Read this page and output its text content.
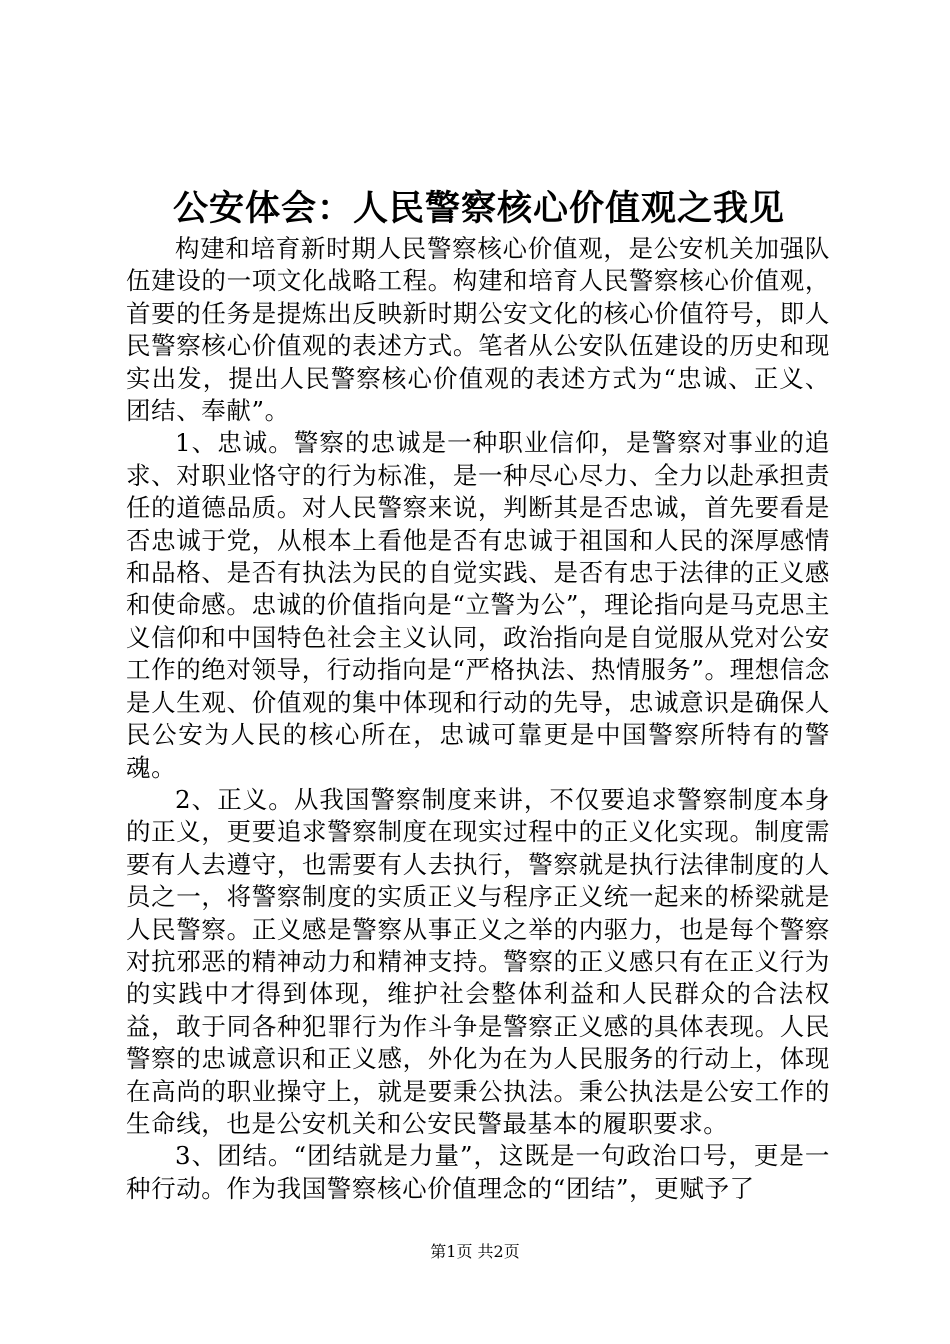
公安体会：人民警察核心价值观之我见

构建和培育新时期人民警察核心价值观，是公安机关加强队伍建设的一项文化战略工程。构建和培育人民警察核心价值观，首要的任务是提炼出反映新时期公安文化的核心价值符号，即人民警察核心价值观的表述方式。笔者从公安队伍建设的历史和现实出发，提出人民警察核心价值观的表述方式为“忠诚、正义、团结、奉献”。

1、忠诚。警察的忠诚是一种职业信仰，是警察对事业的追求、对职业恪守的行为标准，是一种尽心尽力、全力以赴承担责任的道德品质。对人民警察来说，判断其是否忠诚，首先要看是否忠诚于党，从根本上看他是否有忠诚于祖国和人民的深厚感情和品格、是否有执法为民的自觉实践、是否有忠于法律的正义感和使命感。忠诚的价值指向是“立警为公”，理论指向是马克思主义信仰和中国特色社会主义认同，政治指向是自觉服从党对公安工作的绝对领导，行动指向是“严格执法、热情服务”。理想信念是人生观、价值观的集中体现和行动的先导，忠诚意识是确保人民公安为人民的核心所在，忠诚可靠更是中国警察所特有的警魂。

2、正义。从我国警察制度来讲，不仅要追求警察制度本身的正义，更要追求警察制度在现实过程中的正义化实现。制度需要有人去遵守，也需要有人去执行，警察就是执行法律制度的人员之一，将警察制度的实质正义与程序正义统一起来的桥梁就是人民警察。正义感是警察从事正义之举的内驱力，也是每个警察对抗邪恶的精神动力和精神支持。警察的正义感只有在正义行为的实践中才得到体现，维护社会整体利益和人民群众的合法权益，敢于同各种犯罪行为作斗争是警察正义感的具体表现。人民警察的忠诚意识和正义感，外化为在为人民服务的行动上，体现在高尚的职业操守上，就是要秉公执法。秉公执法是公安工作的生命线，也是公安机关和公安民警最基本的履职要求。

3、团结。“团结就是力量”，这既是一句政治口号，更是一种行动。作为我国警察核心价值理念的“团结”，更赋予了

第1页 共2页
